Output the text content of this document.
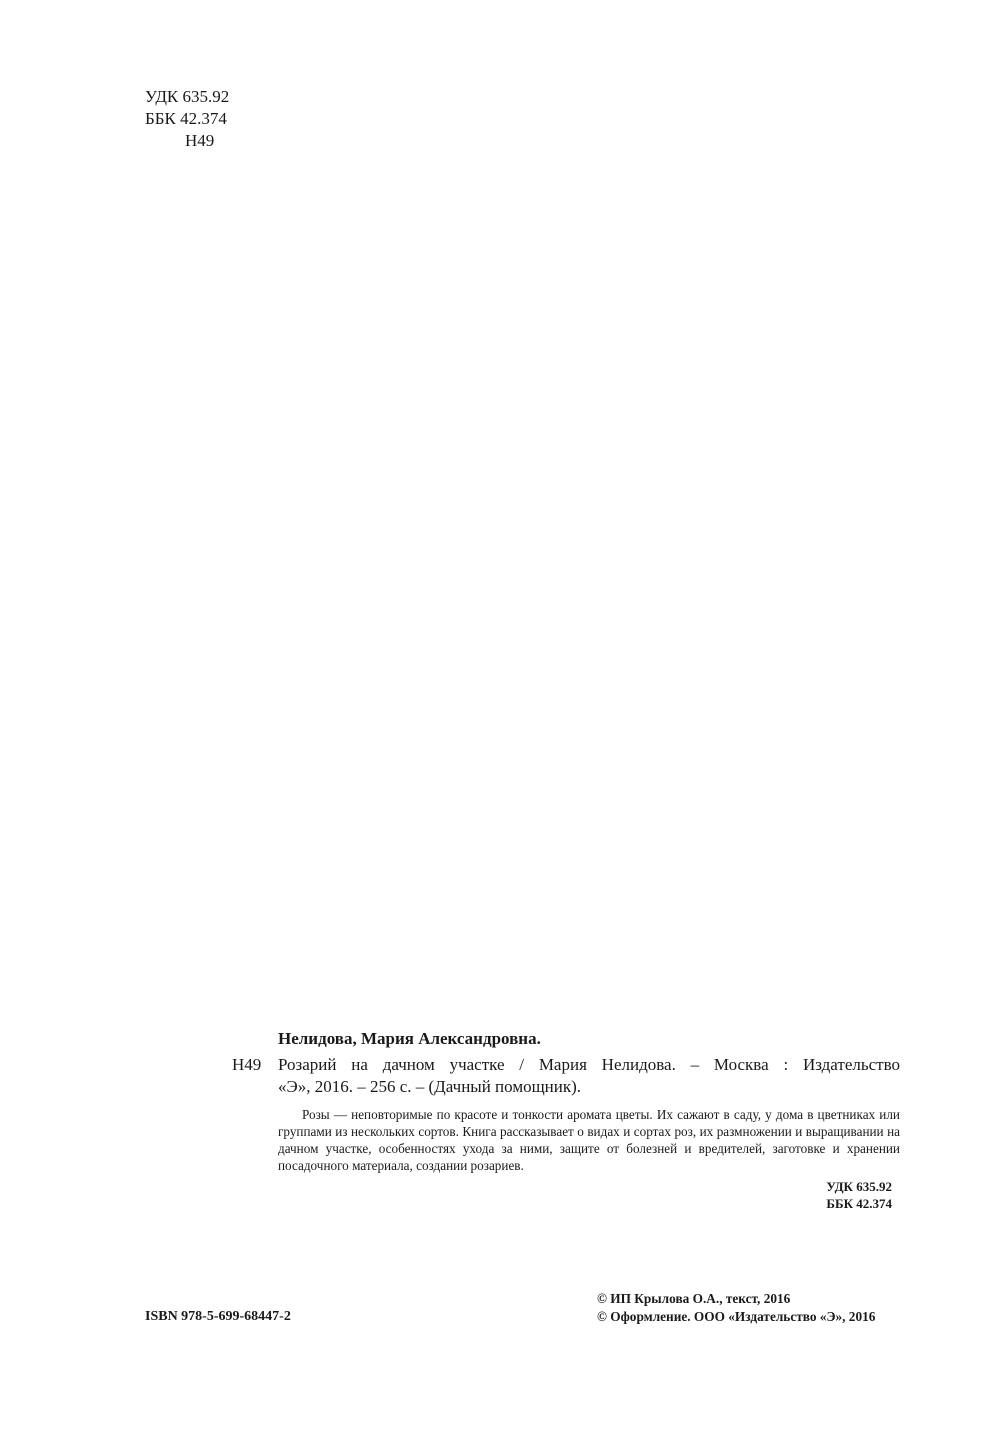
УДК 635.92
ББК 42.374
Н49
Нелидова, Мария Александровна.
Н49 Розарий на дачном участке / Мария Нелидова. – Москва : Издательство
«Э», 2016. – 256 с. – (Дачный помощник).
Розы — неповторимые по красоте и тонкости аромата цветы. Их сажают в саду, у дома в цветниках или группами из нескольких сортов. Книга рассказывает о видах и сортах роз, их размножении и выращивании на дачном участке, особенностях ухода за ними, защите от болезней и вредителей, заготовке и хранении посадочного материала, создании розариев.
УДК 635.92
ББК 42.374
ISBN 978-5-699-68447-2
© ИП Крылова О.А., текст, 2016
© Оформление. ООО «Издательство «Э», 2016
